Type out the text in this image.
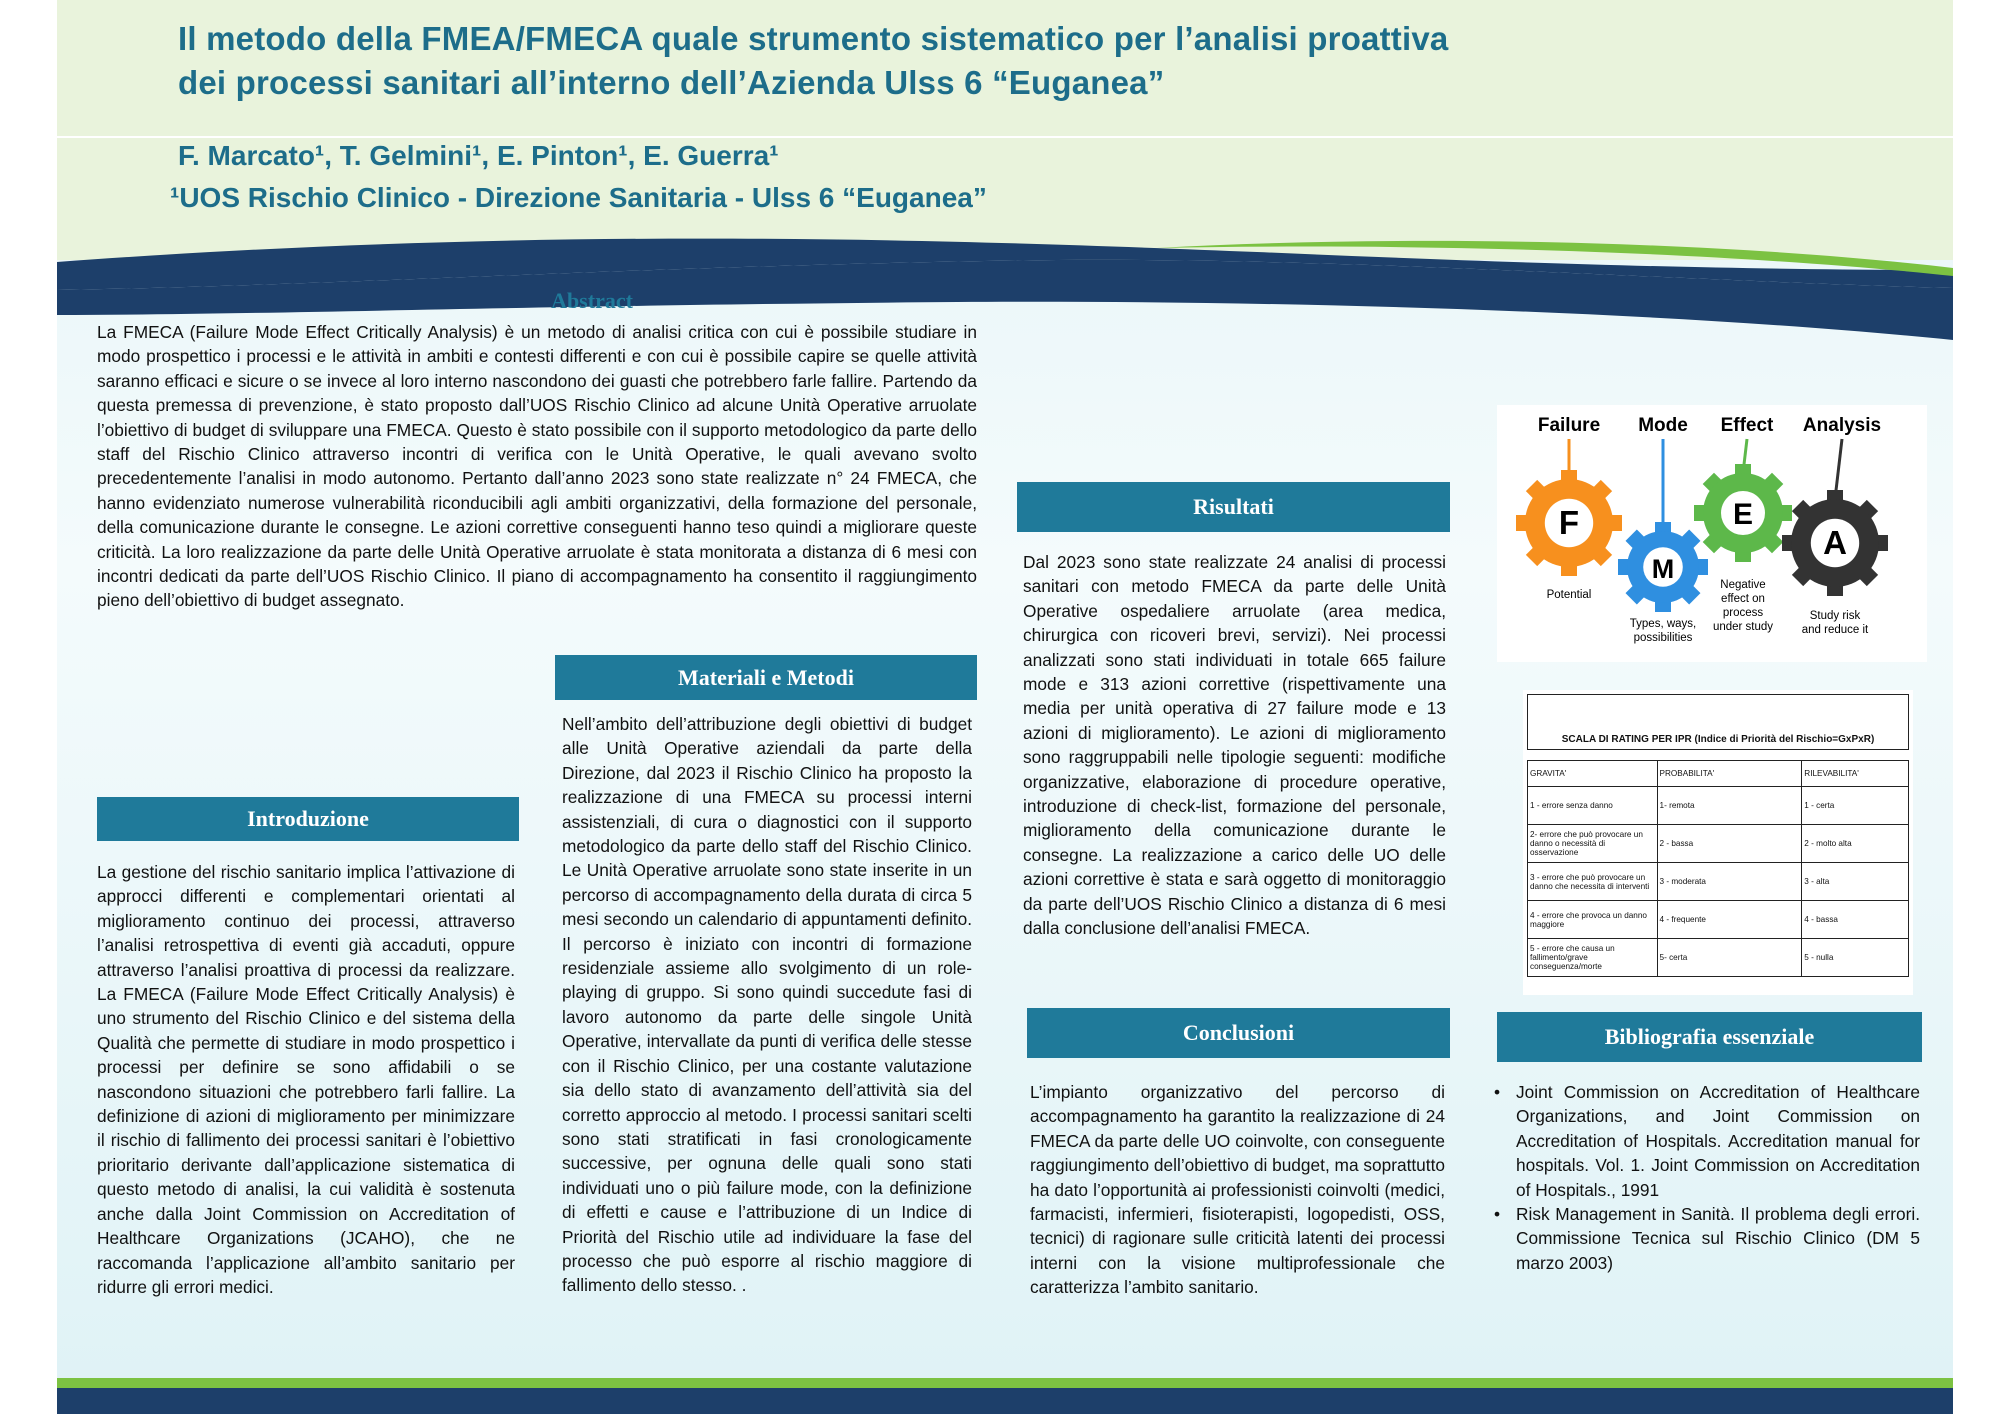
Il metodo della FMEA/FMECA quale strumento sistematico per l’analisi proattiva
dei processi sanitari all’interno dell’Azienda Ulss 6 “Euganea”
F. Marcato¹, T. Gelmini¹, E. Pinton¹, E. Guerra¹
¹UOS Rischio Clinico - Direzione Sanitaria - Ulss 6 “Euganea”
Abstract
La FMECA (Failure Mode Effect Critically Analysis) è un metodo di analisi critica con cui è possibile studiare in modo prospettico i processi e le attività in ambiti e contesti differenti e con cui è possibile capire se quelle attività saranno efficaci e sicure o se invece al loro interno nascondono dei guasti che potrebbero farle fallire. Partendo da questa premessa di prevenzione, è stato proposto dall’UOS Rischio Clinico ad alcune Unità Operative arruolate l’obiettivo di budget di sviluppare una FMECA. Questo è stato possibile con il supporto metodologico da parte dello staff del Rischio Clinico attraverso incontri di verifica con le Unità Operative, le quali avevano svolto precedentemente l’analisi in modo autonomo. Pertanto dall’anno 2023 sono state realizzate n° 24 FMECA, che hanno evidenziato numerose vulnerabilità riconducibili agli ambiti organizzativi, della formazione del personale, della comunicazione durante le consegne. Le azioni correttive conseguenti hanno teso quindi a migliorare queste criticità. La loro realizzazione da parte delle Unità Operative arruolate è stata monitorata a distanza di 6 mesi con incontri dedicati da parte dell’UOS Rischio Clinico. Il piano di accompagnamento ha consentito il raggiungimento pieno dell’obiettivo di budget assegnato.
Introduzione
La gestione del rischio sanitario implica l’attivazione di approcci differenti e complementari orientati al miglioramento continuo dei processi, attraverso l’analisi retrospettiva di eventi già accaduti, oppure attraverso l’analisi proattiva di processi da realizzare. La FMECA (Failure Mode Effect Critically Analysis) è uno strumento del Rischio Clinico e del sistema della Qualità che permette di studiare in modo prospettico i processi per definire se sono affidabili o se nascondono situazioni che potrebbero farli fallire. La definizione di azioni di miglioramento per minimizzare il rischio di fallimento dei processi sanitari è l’obiettivo prioritario derivante dall’applicazione sistematica di questo metodo di analisi, la cui validità è sostenuta anche dalla Joint Commission on Accreditation of Healthcare Organizations (JCAHO), che ne raccomanda l’applicazione all’ambito sanitario per ridurre gli errori medici.
Materiali e Metodi
Nell’ambito dell’attribuzione degli obiettivi di budget alle Unità Operative aziendali da parte della Direzione, dal 2023 il Rischio Clinico ha proposto la realizzazione di una FMECA su processi interni assistenziali, di cura o diagnostici con il supporto metodologico da parte dello staff del Rischio Clinico. Le Unità Operative arruolate sono state inserite in un percorso di accompagnamento della durata di circa 5 mesi secondo un calendario di appuntamenti definito. Il percorso è iniziato con incontri di formazione residenziale assieme allo svolgimento di un role-playing di gruppo. Si sono quindi succedute fasi di lavoro autonomo da parte delle singole Unità Operative, intervallate da punti di verifica delle stesse con il Rischio Clinico, per una costante valutazione sia dello stato di avanzamento dell’attività sia del corretto approccio al metodo. I processi sanitari scelti sono stati stratificati in fasi cronologicamente successive, per ognuna delle quali sono stati individuati uno o più failure mode, con la definizione di effetti e cause e l’attribuzione di un Indice di Priorità del Rischio utile ad individuare la fase del processo che può esporre al rischio maggiore di fallimento dello stesso. .
Risultati
Dal 2023 sono state realizzate 24 analisi di processi sanitari con metodo FMECA da parte delle Unità Operative ospedaliere arruolate (area medica, chirurgica con ricoveri brevi, servizi). Nei processi analizzati sono stati individuati in totale 665 failure mode e 313 azioni correttive (rispettivamente una media per unità operativa di 27 failure mode e 13 azioni di miglioramento). Le azioni di miglioramento sono raggruppabili nelle tipologie seguenti: modifiche organizzative, elaborazione di procedure operative, introduzione di check-list, formazione del personale, miglioramento della comunicazione durante le consegne. La realizzazione a carico delle UO delle azioni correttive è stata e sarà oggetto di monitoraggio da parte dell’UOS Rischio Clinico a distanza di 6 mesi dalla conclusione dell’analisi FMECA.
Conclusioni
L’impianto organizzativo del percorso di accompagnamento ha garantito la realizzazione di 24 FMECA da parte delle UO coinvolte, con conseguente raggiungimento dell’obiettivo di budget, ma soprattutto ha dato l’opportunità ai professionisti coinvolti (medici, farmacisti, infermieri, fisioterapisti, logopedisti, OSS, tecnici) di ragionare sulle criticità latenti dei processi interni con la visione multiprofessionale che caratterizza l’ambito sanitario.
Failure
F
Potential
Mode
M
Types, ways,
possibilities
Effect
E
Negative
effect on
process
under study
Analysis
A
Study risk
and reduce it
SCALA DI RATING PER IPR (Indice di Priorità del Rischio=GxPxR)
GRAVITA'	PROBABILITA'	RILEVABILITA'
1 - errore senza danno	1- remota	1 - certa
2- errore che può provocare un danno o necessità di osservazione	2 - bassa	2 - molto alta
3 - errore che può provocare un danno che necessita di interventi	3 - moderata	3 - alta
4 - errore che provoca un danno maggiore	4 - frequente	4 - bassa
5 - errore che causa un fallimento/grave conseguenza/morte	5- certa	5 - nulla
Bibliografia essenziale
• Joint Commission on Accreditation of Healthcare Organizations, and Joint Commission on Accreditation of Hospitals. Accreditation manual for hospitals. Vol. 1. Joint Commission on Accreditation of Hospitals., 1991
• Risk Management in Sanità. Il problema degli errori. Commissione Tecnica sul Rischio Clinico (DM 5 marzo 2003)
